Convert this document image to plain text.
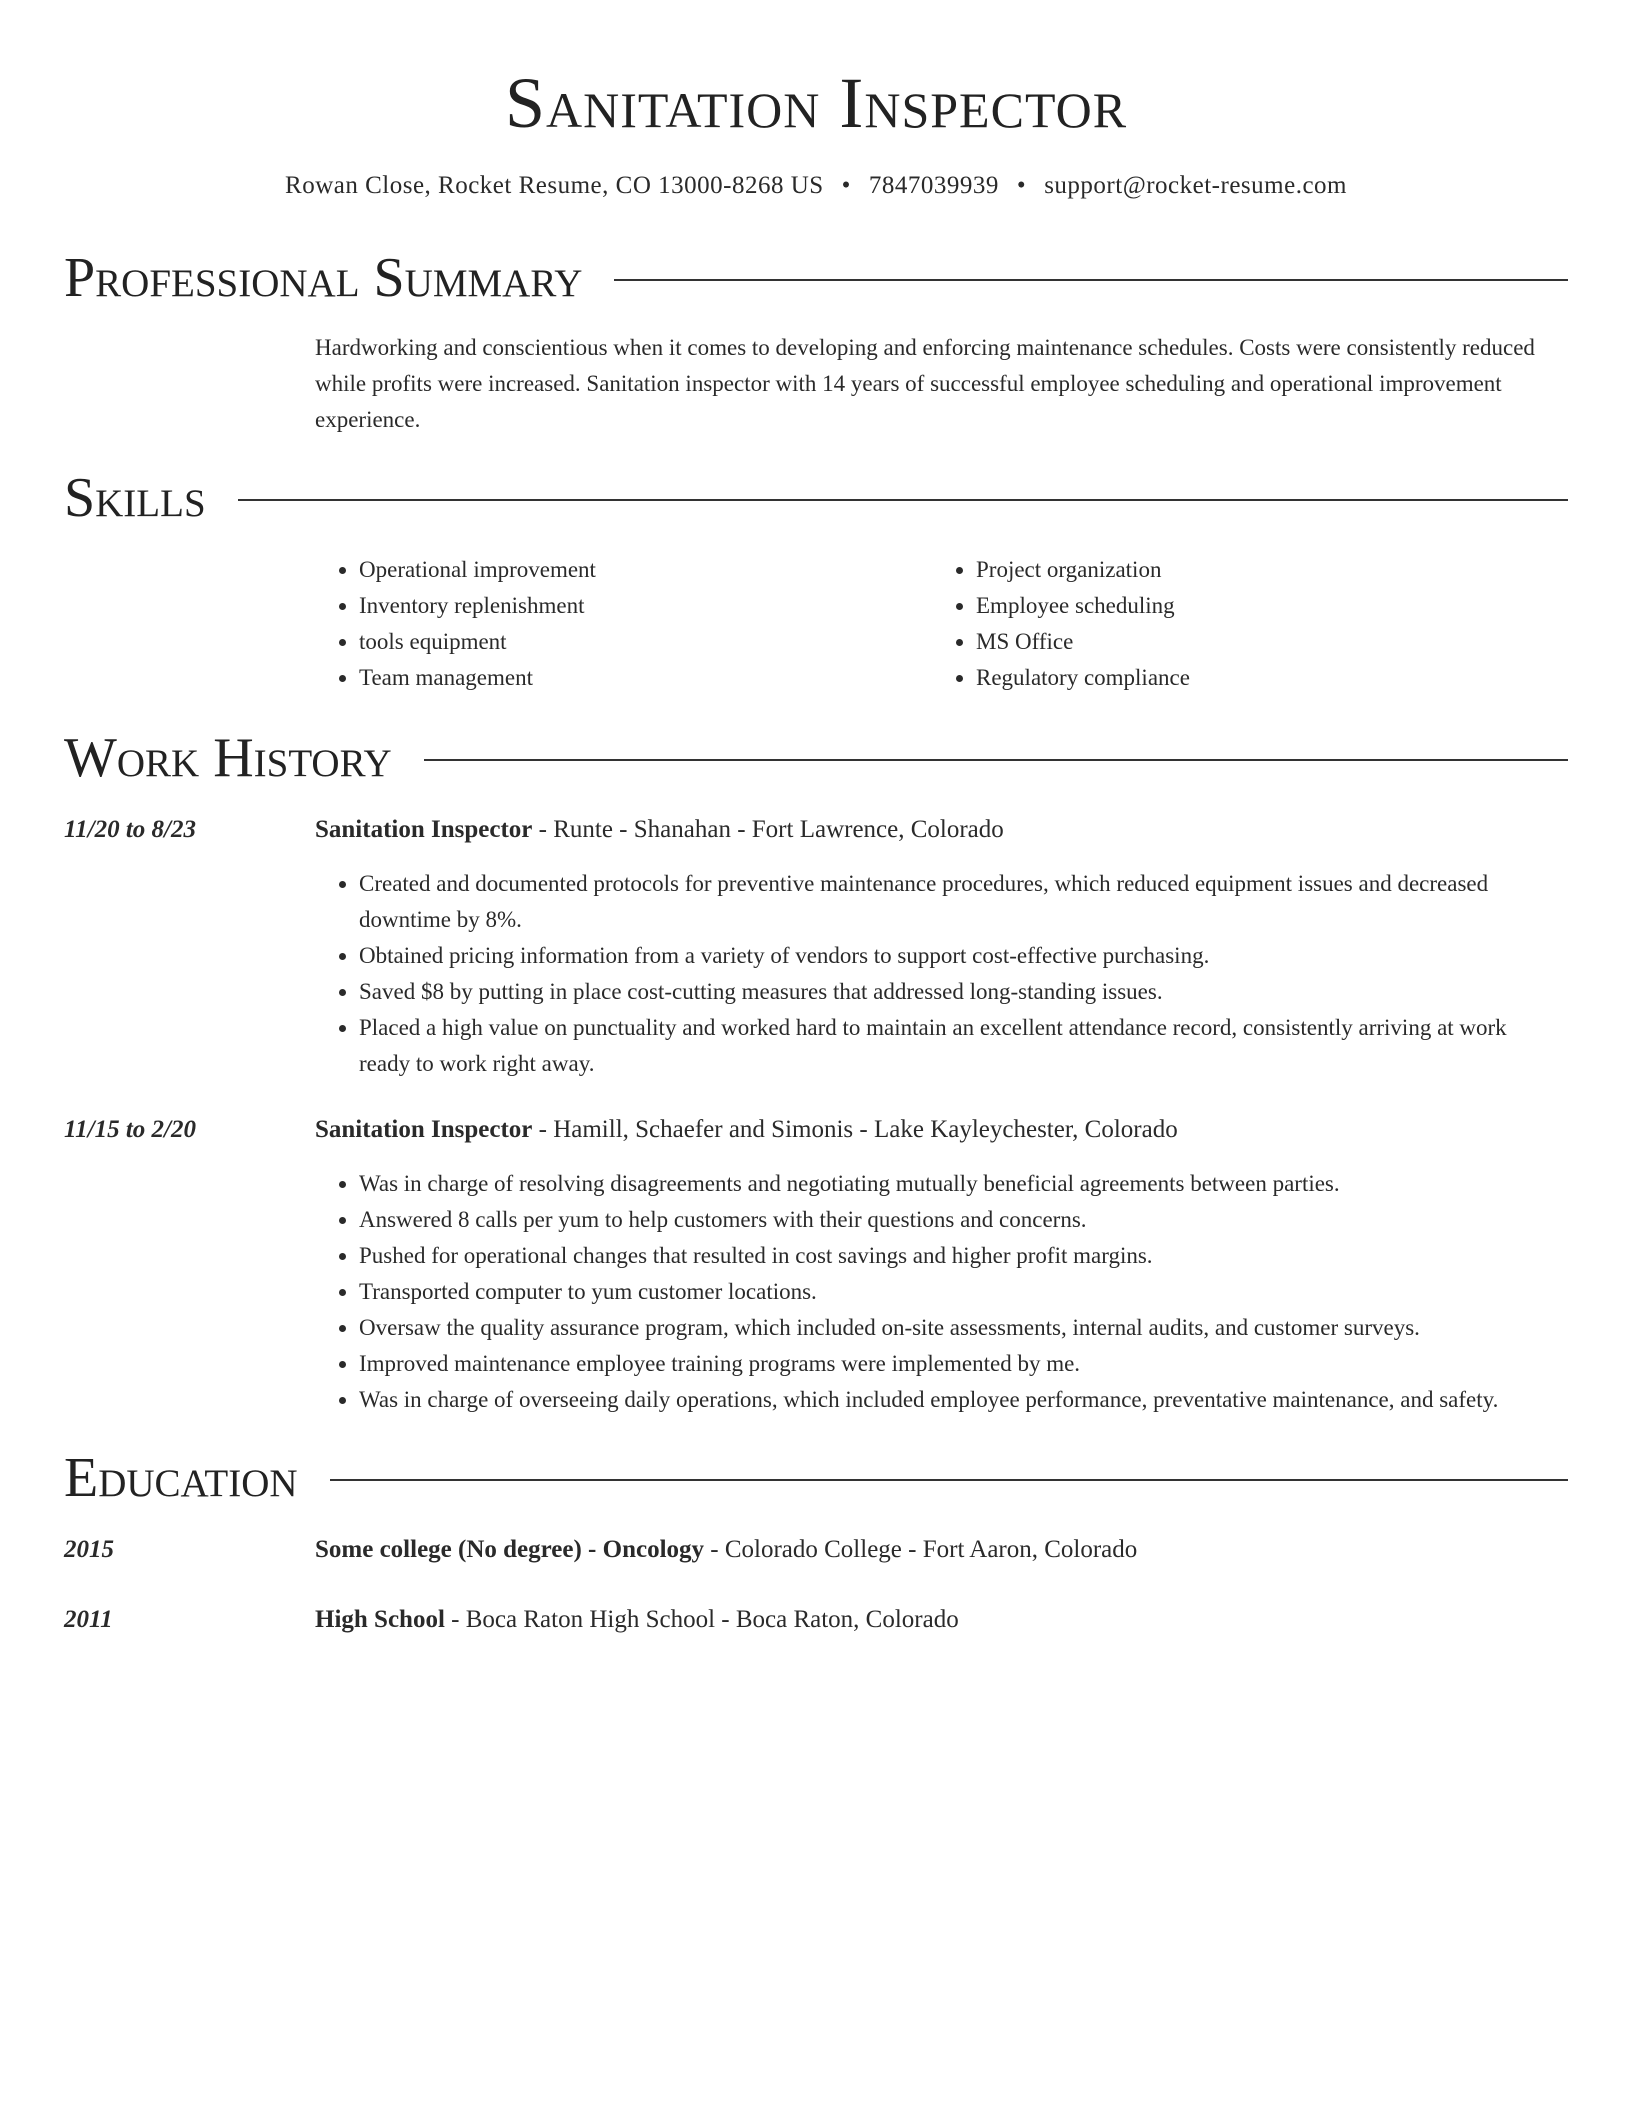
Sanitation Inspector
Rowan Close, Rocket Resume, CO 13000-8268 US • 7847039939 • support@rocket-resume.com
Professional Summary
Hardworking and conscientious when it comes to developing and enforcing maintenance schedules. Costs were consistently reduced while profits were increased. Sanitation inspector with 14 years of successful employee scheduling and operational improvement experience.
Skills
• Operational improvement
• Inventory replenishment
• tools equipment
• Team management
• Project organization
• Employee scheduling
• MS Office
• Regulatory compliance
Work History
11/20 to 8/23	Sanitation Inspector - Runte - Shanahan - Fort Lawrence, Colorado
• Created and documented protocols for preventive maintenance procedures, which reduced equipment issues and decreased downtime by 8%.
• Obtained pricing information from a variety of vendors to support cost-effective purchasing.
• Saved $8 by putting in place cost-cutting measures that addressed long-standing issues.
• Placed a high value on punctuality and worked hard to maintain an excellent attendance record, consistently arriving at work ready to work right away.
11/15 to 2/20	Sanitation Inspector - Hamill, Schaefer and Simonis - Lake Kayleychester, Colorado
• Was in charge of resolving disagreements and negotiating mutually beneficial agreements between parties.
• Answered 8 calls per yum to help customers with their questions and concerns.
• Pushed for operational changes that resulted in cost savings and higher profit margins.
• Transported computer to yum customer locations.
• Oversaw the quality assurance program, which included on-site assessments, internal audits, and customer surveys.
• Improved maintenance employee training programs were implemented by me.
• Was in charge of overseeing daily operations, which included employee performance, preventative maintenance, and safety.
Education
2015	Some college (No degree) - Oncology - Colorado College - Fort Aaron, Colorado
2011	High School - Boca Raton High School - Boca Raton, Colorado
